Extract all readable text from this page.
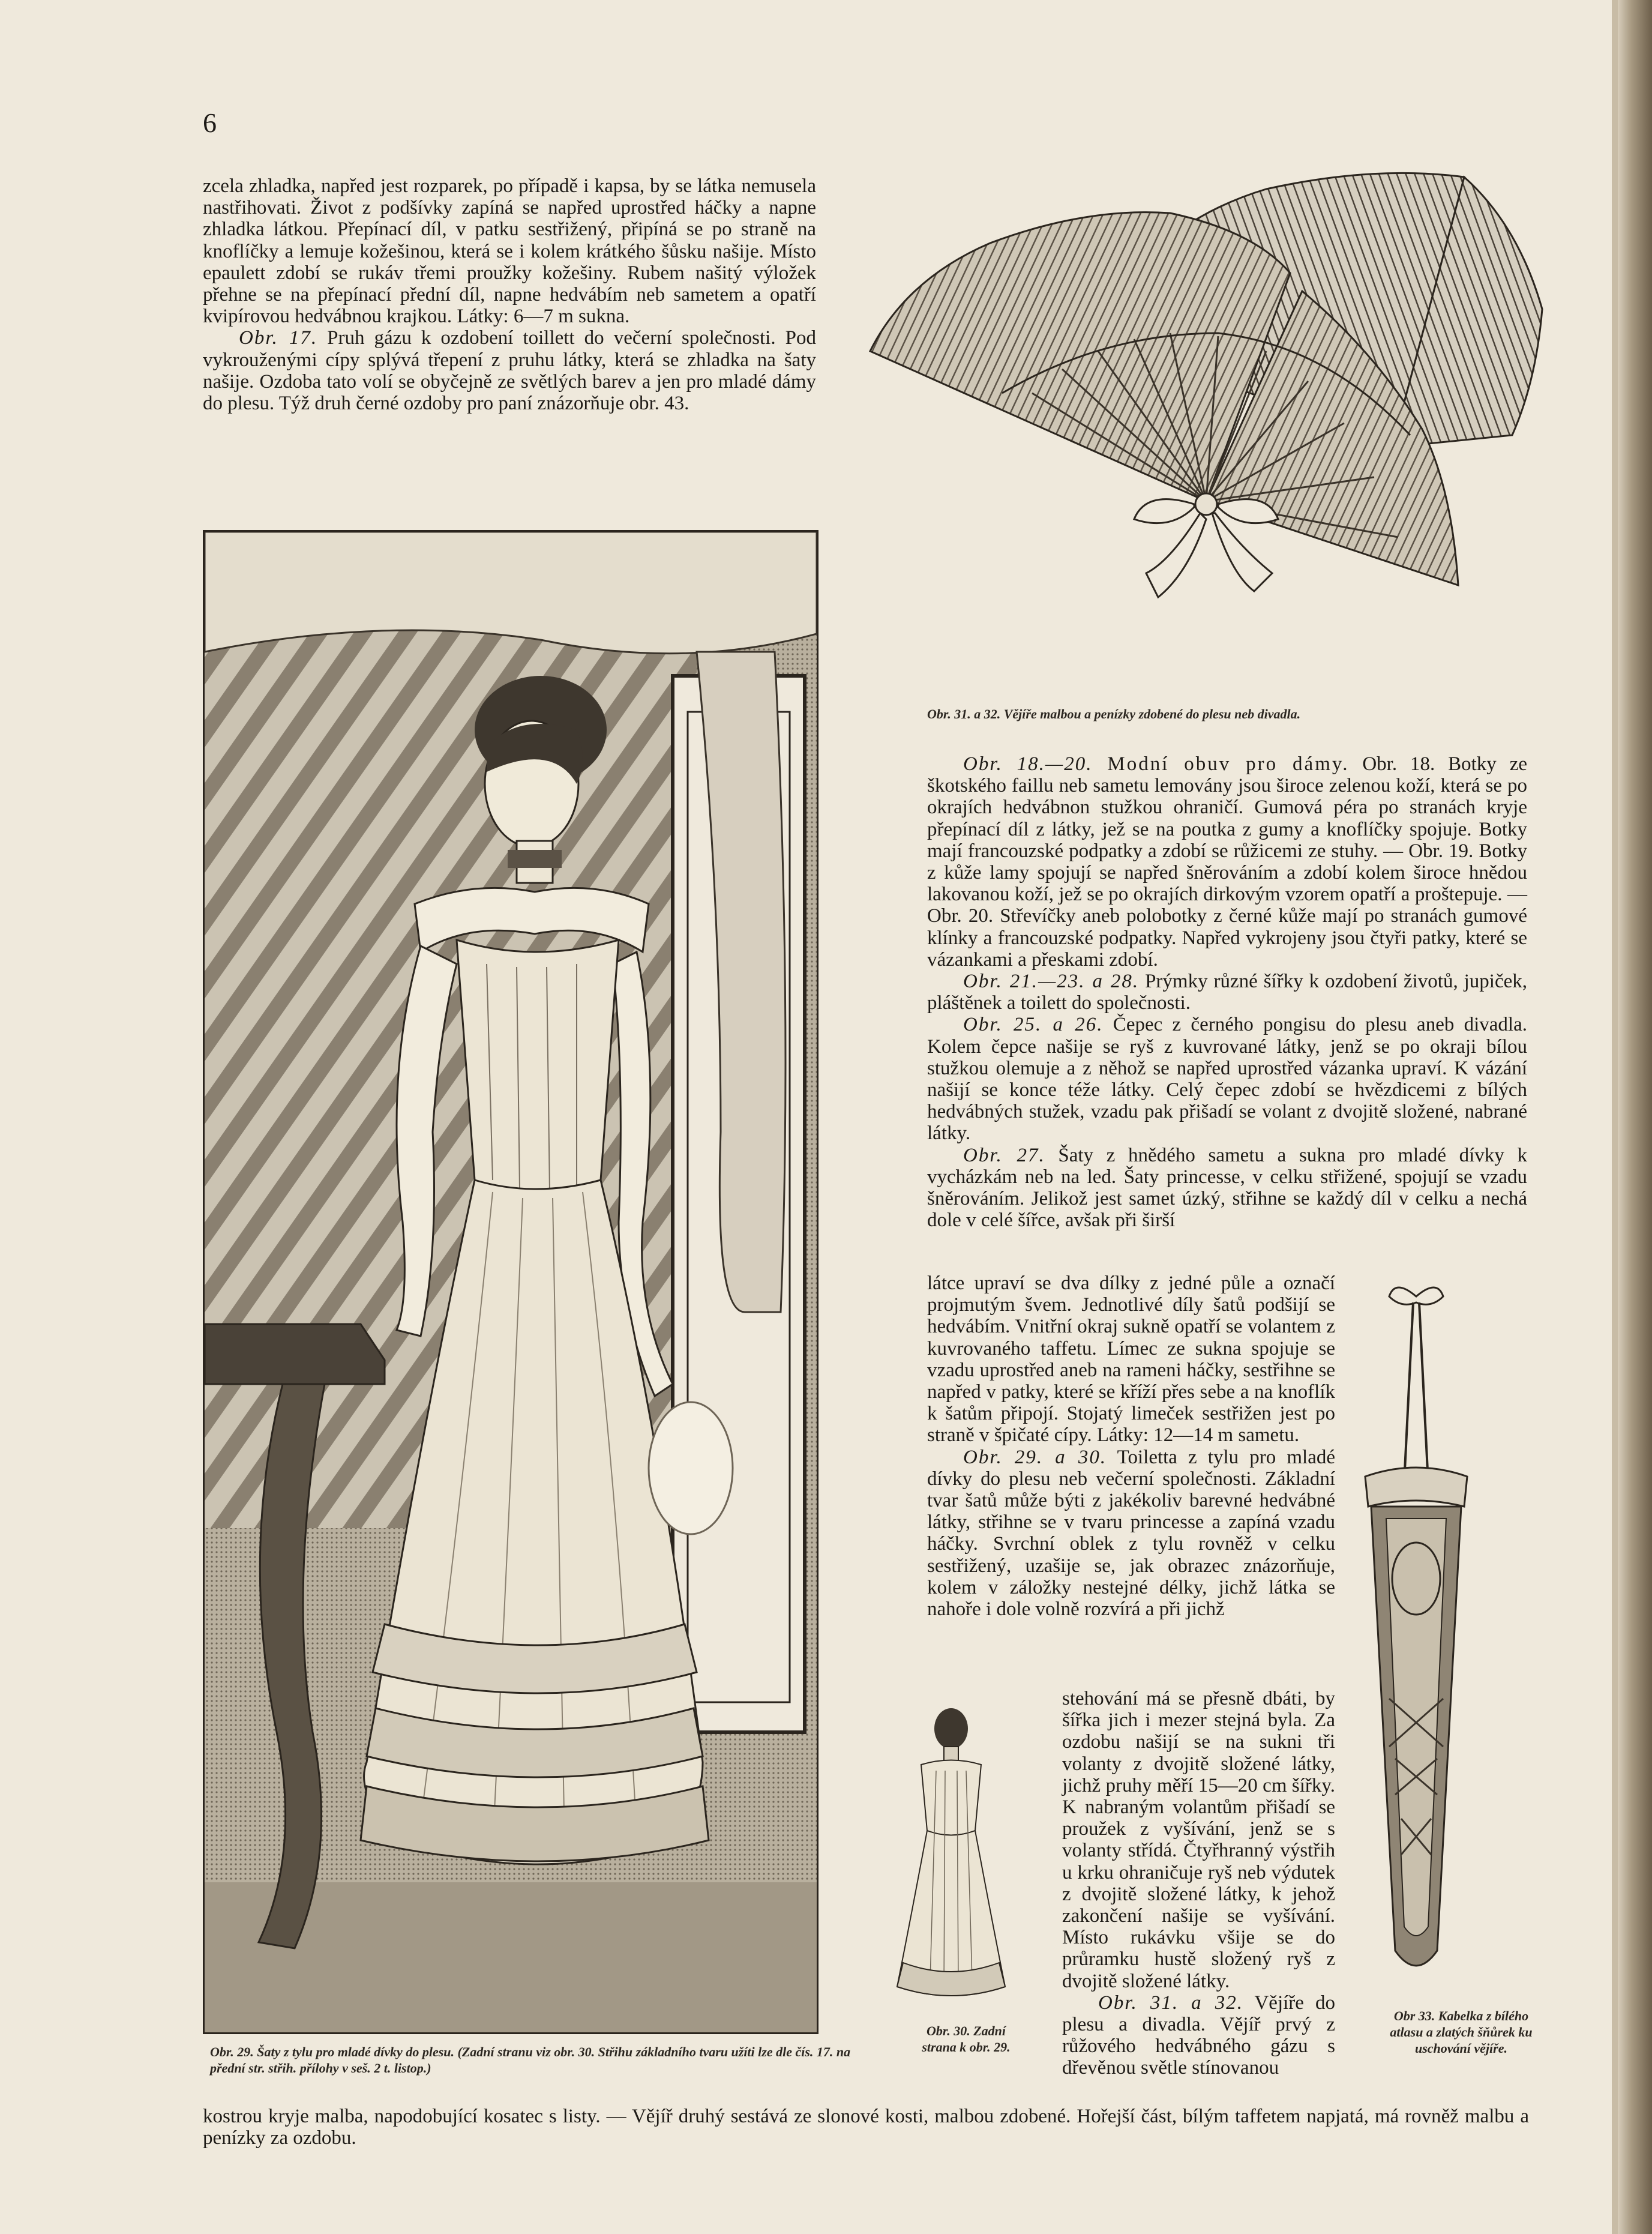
6

zcela zhladka, napřed jest rozparek, po případě i kapsa, by se látka nemusela nastřihovati. Život z podšívky zapíná se napřed uprostřed háčky a napne zhladka látkou. Přepínací díl, v patku sestřižený, připíná se po straně na knoflíčky a lemuje kožešinou, která se i kolem krátkého šůsku našije. Místo epaulett zdobí se rukáv třemi proužky kožešiny. Rubem našitý výložek přehne se na přepínací přední díl, napne hedvábím neb sametem a opatří kvipírovou hedvábnou krajkou. Látky: 6—7 m sukna.

Obr. 17. Pruh gázu k ozdobení toillett do večerní společnosti. Pod vykrouženými cípy splývá třepení z pruhu látky, která se zhladka na šaty našije. Ozdoba tato volí se obyčejně ze světlých barev a jen pro mladé dámy do plesu. Týž druh černé ozdoby pro paní znázorňuje obr. 43.

Obr. 31. a 32. Vějíře malbou a penízky zdobené do plesu neb divadla.
Obr. 29. Šaty z tylu pro mladé dívky do plesu. (Zadní stranu viz obr. 30. Střihu základního tvaru užíti lze dle čís. 17. na přední str. střih. přílohy v seš. 2 t. listop.)

Obr. 18.—20. Modní obuv pro dámy. Obr. 18. Botky ze škotského faillu neb sametu lemovány jsou široce zelenou koží, která se po okrajích hedvábnon stužkou ohraničí. Gumová péra po stranách kryje přepínací díl z látky, jež se na poutka z gumy a knoflíčky spojuje. Botky mají francouzské podpatky a zdobí se růžicemi ze stuhy. — Obr. 19. Botky z kůže lamy spojují se napřed šněrováním a zdobí kolem široce hnědou lakovanou koží, jež se po okrajích dirkovým vzorem opatří a proštepuje. — Obr. 20. Střevíčky aneb polobotky z černé kůže mají po stranách gumové klínky a francouzské podpatky. Napřed vykrojeny jsou čtyři patky, které se vázankami a přeskami zdobí.

Obr. 21.—23. a 28. Prýmky různé šířky k ozdobení životů, jupiček, pláštěnek a toilett do společnosti.

Obr. 25. a 26. Čepec z černého pongisu do plesu aneb divadla. Kolem čepce našije se ryš z kuvrované látky, jenž se po okraji bílou stužkou olemuje a z něhož se napřed uprostřed vázanka upraví. K vázání našijí se konce téže látky. Celý čepec zdobí se hvězdicemi z bílých hedvábných stužek, vzadu pak přišadí se volant z dvojitě složené, nabrané látky.

Obr. 27. Šaty z hnědého sametu a sukna pro mladé dívky k vycházkám neb na led. Šaty princesse, v celku střižené, spojují se vzadu šněrováním. Jelikož jest samet úzký, střihne se každý díl v celku a nechá dole v celé šířce, avšak při širší

látce upraví se dva dílky z jedné půle a označí projmutým švem. Jednotlivé díly šatů podšijí se hedvábím. Vnitřní okraj sukně opatří se volantem z kuvrovaného taffetu. Límec ze sukna spojuje se vzadu uprostřed aneb na rameni háčky, sestřihne se napřed v patky, které se kříží přes sebe a na knoflík k šatům připojí. Stojatý limeček sestřižen jest po straně v špičaté cípy. Látky: 12—14 m sametu.

Obr. 29. a 30. Toiletta z tylu pro mladé dívky do plesu neb večerní společnosti. Základní tvar šatů může býti z jakékoliv barevné hedvábné látky, střihne se v tvaru princesse a zapíná vzadu háčky. Svrchní oblek z tylu rovněž v celku sestřižený, uzašije se, jak obrazec znázorňuje, kolem v záložky nestejné délky, jichž látka se nahoře i dole volně rozvírá a při jichž

stehování má se přesně dbáti, by šířka jich i mezer stejná byla. Za ozdobu našijí se na sukni tři volanty z dvojitě složené látky, jichž pruhy měří 15—20 cm šířky. K nabraným volantům přišadí se proužek z vyšívání, jenž se s volanty střídá. Čtyřhranný výstřih u krku ohraničuje ryš neb výdutek z dvojitě složené látky, k jehož zakončení našije se vyšívání. Místo rukávku všije se do průramku hustě složený ryš z dvojitě složené látky.

Obr. 31. a 32. Vějíře do plesu a divadla. Vějíř prvý z růžového hedvábného gázu s dřevěnou světle stínovanou

Obr. 30. Zadní strana k obr. 29.
Obr 33. Kabelka z bílého atlasu a zlatých šňůrek ku uschování vějíře.

kostrou kryje malba, napodobující kosatec s listy. — Vějíř druhý sestává ze slonové kosti, malbou zdobené. Hořejší část, bílým taffetem napjatá, má rovněž malbu a penízky za ozdobu.
